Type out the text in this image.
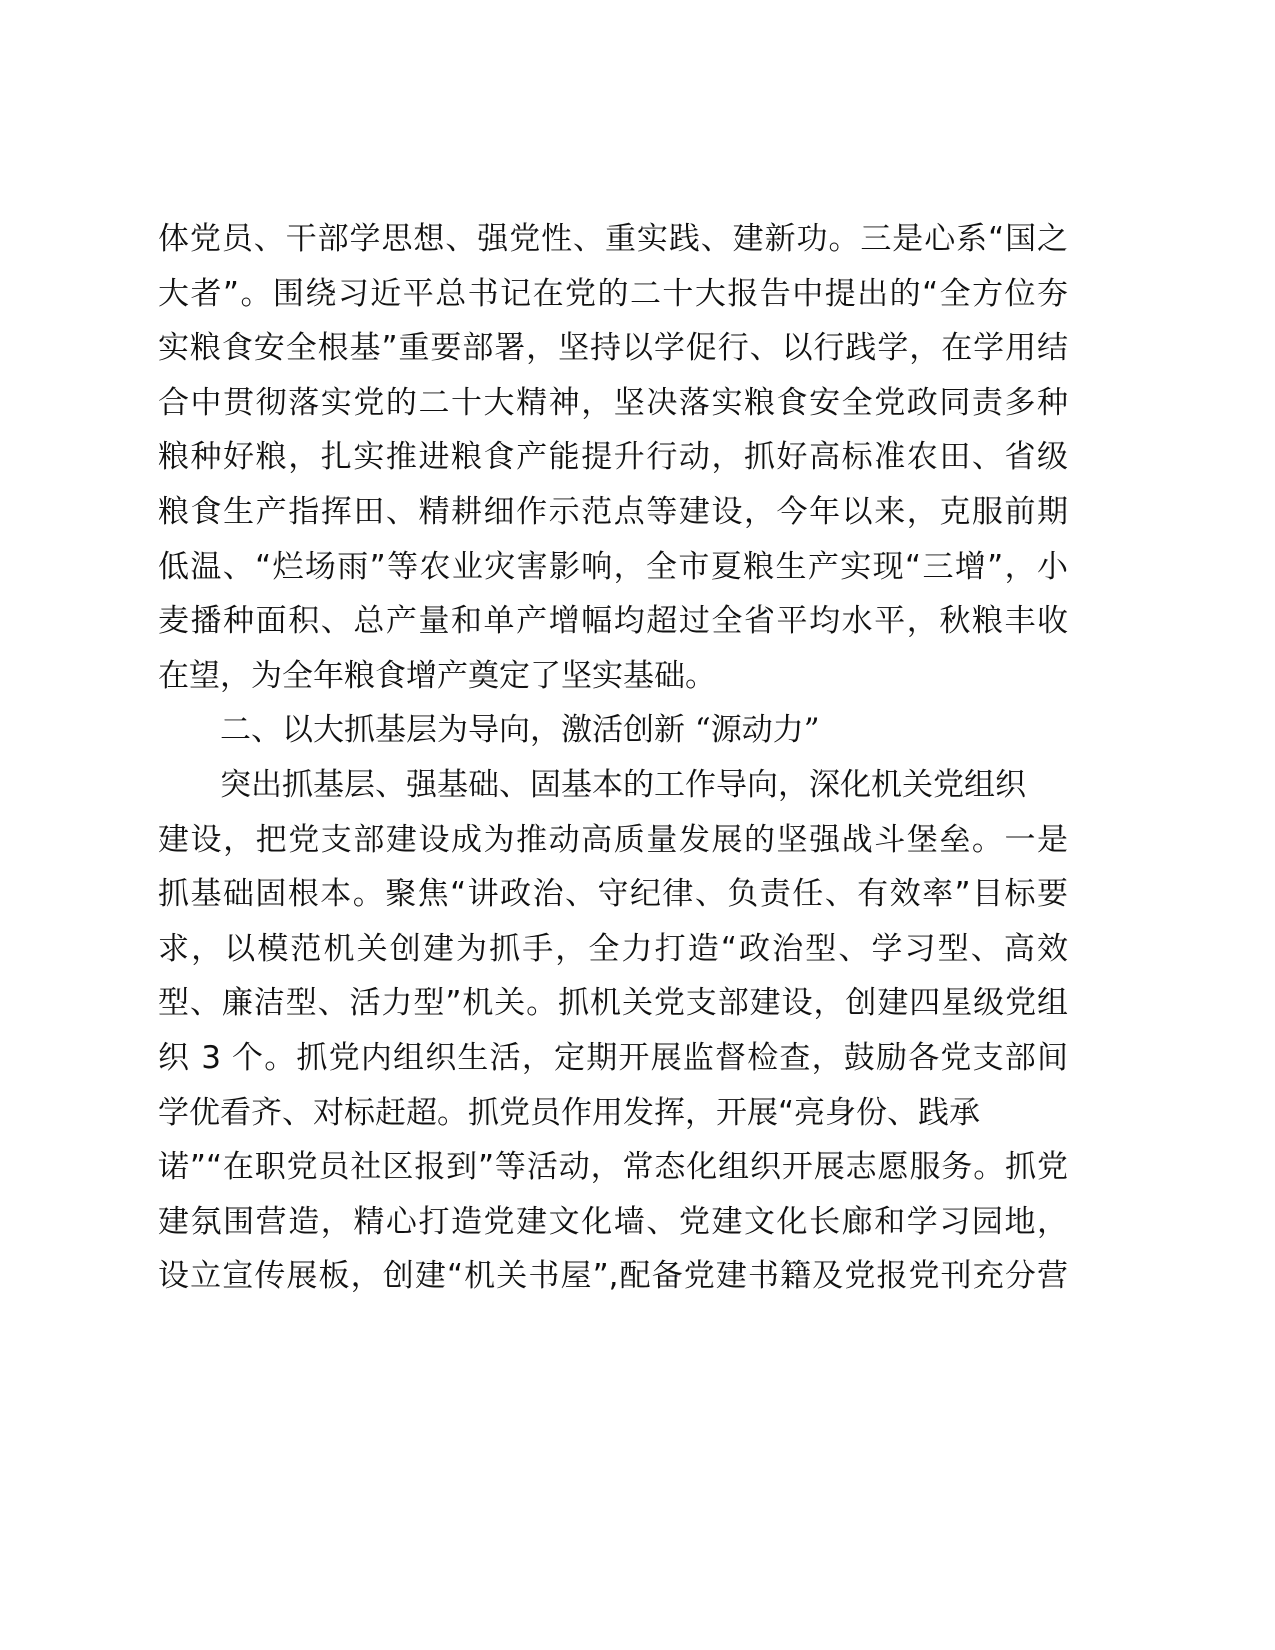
体党员、干部学思想、强党性、重实践、建新功。三是心系“国之
大者”。围绕习近平总书记在党的二十大报告中提出的“全方位夯
实粮食安全根基”重要部署，坚持以学促行、以行践学，在学用结
合中贯彻落实党的二十大精神，坚决落实粮食安全党政同责多种
粮种好粮，扎实推进粮食产能提升行动，抓好高标准农田、省级
粮食生产指挥田、精耕细作示范点等建设，今年以来，克服前期
低温、“烂场雨”等农业灾害影响，全市夏粮生产实现“三增”，小
麦播种面积、总产量和单产增幅均超过全省平均水平，秋粮丰收
在望，为全年粮食增产奠定了坚实基础。
二、以大抓基层为导向，激活创新 “源动力”
突出抓基层、强基础、固基本的工作导向，深化机关党组织
建设，把党支部建设成为推动高质量发展的坚强战斗堡垒。一是
抓基础固根本。聚焦“讲政治、守纪律、负责任、有效率”目标要
求，以模范机关创建为抓手，全力打造“政治型、学习型、高效
型、廉洁型、活力型”机关。抓机关党支部建设，创建四星级党组
织 3 个。抓党内组织生活，定期开展监督检查，鼓励各党支部间
学优看齐、对标赶超。抓党员作用发挥，开展“亮身份、践承
诺”“在职党员社区报到”等活动，常态化组织开展志愿服务。抓党
建氛围营造，精心打造党建文化墙、党建文化长廊和学习园地，
设立宣传展板，创建“机关书屋”,配备党建书籍及党报党刊充分营
